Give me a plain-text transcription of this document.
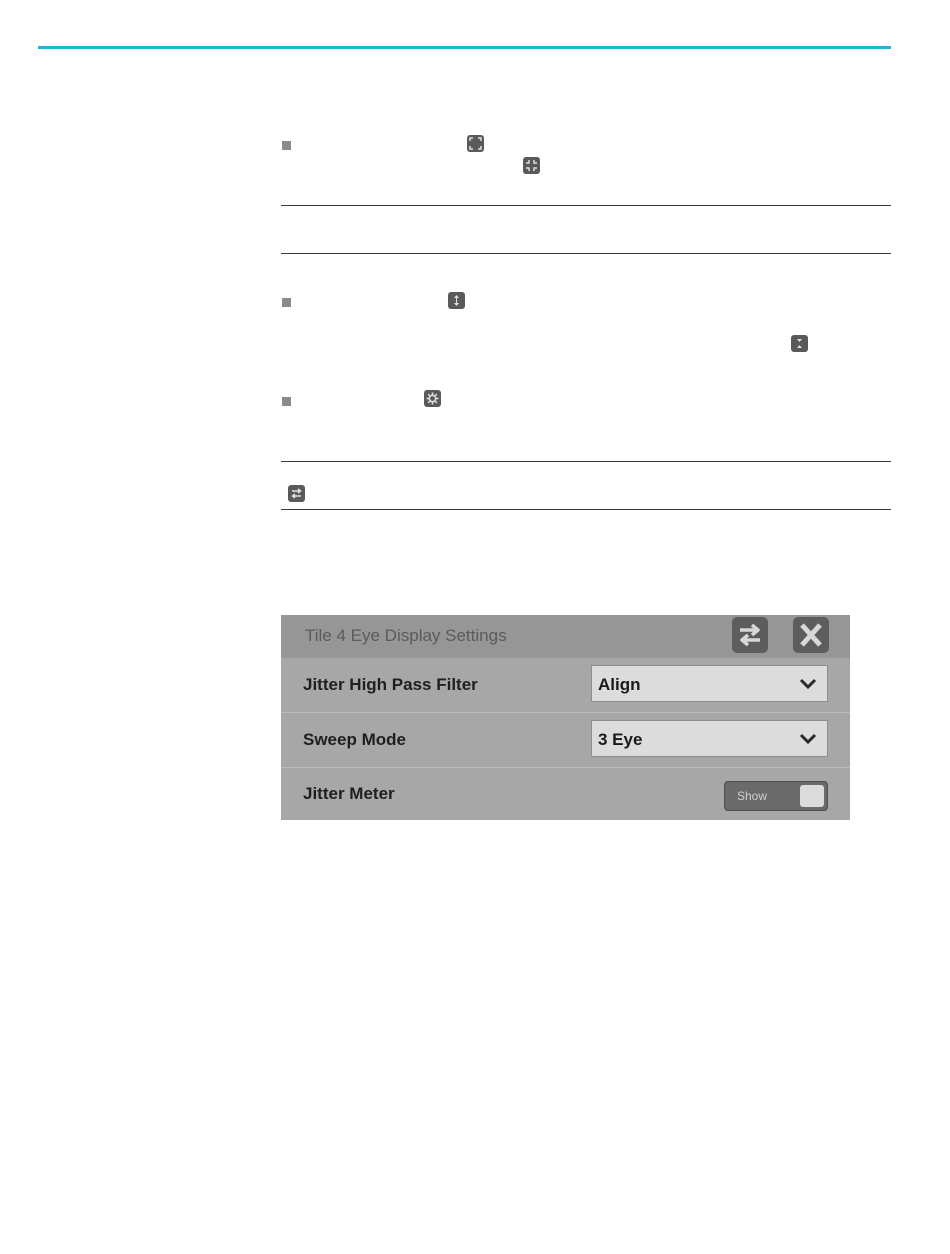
Tile 4 Eye Display Settings
Jitter High Pass Filter	Align
Sweep Mode	3 Eye
Jitter Meter	Show
